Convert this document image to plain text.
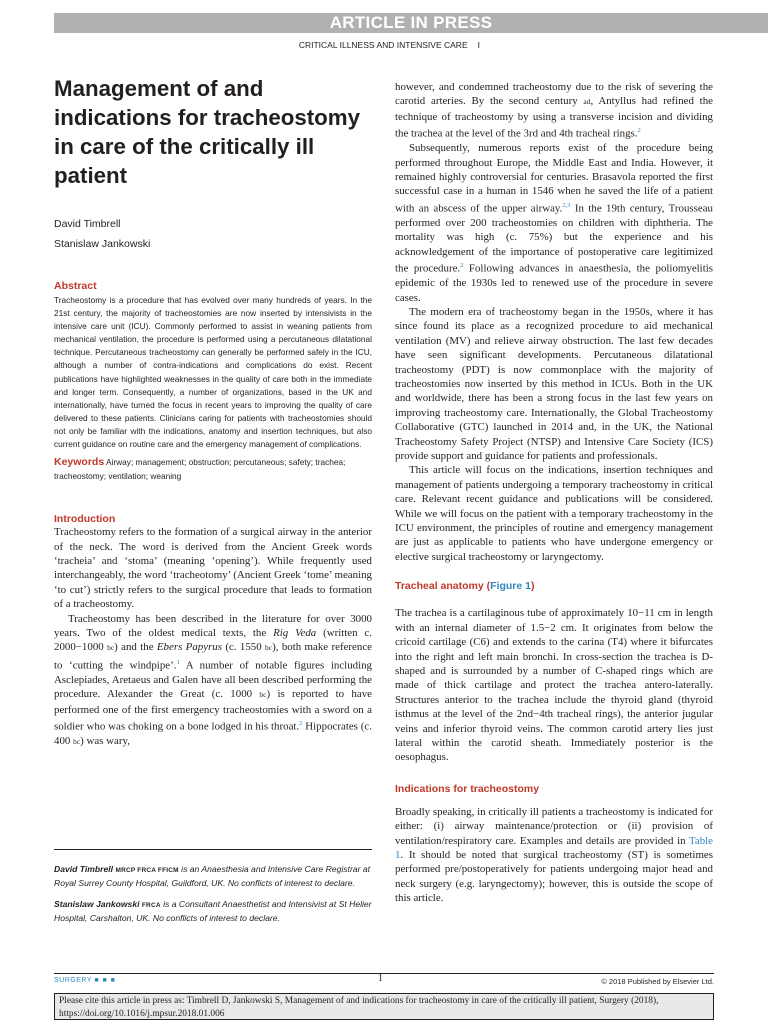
ARTICLE IN PRESS
CRITICAL ILLNESS AND INTENSIVE CARE I
Management of and indications for tracheostomy in care of the critically ill patient
David Timbrell
Stanislaw Jankowski
Abstract

Tracheostomy is a procedure that has evolved over many hundreds of years. In the 21st century, the majority of tracheostomies are now inserted by intensivists in the intensive care unit (ICU). Commonly performed to assist in weaning patients from mechanical ventilation, the procedure is performed using a percutaneous dilatational technique. Percutaneous tracheostomy can generally be performed safely in the ICU, although a number of contra-indications and complications do exist. Recent publications have highlighted weaknesses in the quality of care both in the immediate and longer term. Consequently, a number of organizations, based in the UK and internationally, have turned the focus in recent years to improving the quality of care delivered to these patients. Clinicians caring for patients with tracheostomies should not only be familiar with the indications, anatomy and insertion techniques, but also current guidance on routine care and the emergency management of complications.

Keywords Airway; management; obstruction; percutaneous; safety; trachea; tracheostomy; ventilation; weaning
Introduction

Tracheostomy refers to the formation of a surgical airway in the anterior of the neck. The word is derived from the Ancient Greek words ‘tracheia’ and ‘stoma’ (meaning ‘opening’). While frequently used interchangeably, the word ‘tracheotomy’ (Ancient Greek ‘tome’ meaning ‘to cut’) strictly refers to the surgical procedure that leads to formation of a tracheostomy.

Tracheostomy has been described in the literature for over 3000 years. Two of the oldest medical texts, the Rig Veda (written c. 2000−1000 bc) and the Ebers Papyrus (c. 1550 bc), both make reference to ‘cutting the windpipe’.$^1$ A number of notable figures including Asclepiades, Aretaeus and Galen have all been described performing the procedure. Alexander the Great (c. 1000 bc) is reported to have performed one of the first emergency tracheostomies with a sword on a soldier who was choking on a bone lodged in his throat.$^2$ Hippocrates (c. 400 bc) was wary,

however, and condemned tracheostomy due to the risk of severing the carotid arteries. By the second century ad, Antyllus had refined the technique of tracheostomy by using a transverse incision and dividing the trachea at the level of the 3rd and 4th tracheal rings.$^2$

Subsequently, numerous reports exist of the procedure being performed throughout Europe, the Middle East and India. However, it remained highly controversial for centuries. Brasavola reported the first successful case in a human in 1546 when he saved the life of a patient with an abscess of the upper airway.$^{2,3}$ In the 19th century, Trousseau performed over 200 tracheostomies on children with diphtheria. The mortality was high (c. 75%) but the experience and his acknowledgement of the importance of postoperative care legitimized the procedure.$^2$ Following advances in anaesthesia, the poliomyelitis epidemic of the 1930s led to renewed use of the procedure in severe cases.

The modern era of tracheostomy began in the 1950s, where it has since found its place as a recognized procedure to aid mechanical ventilation (MV) and relieve airway obstruction. The last few decades have seen significant developments. Percutaneous dilatational tracheostomy (PDT) is now commonplace with the majority of tracheostomies now inserted by this method in ICUs. Both in the UK and worldwide, there has been a strong focus in the last few years on improving tracheostomy care. Internationally, the Global Tracheostomy Collaborative (GTC) launched in 2014 and, in the UK, the National Tracheostomy Safety Project (NTSP) and Intensive Care Society (ICS) provide support and guidance for patients and professionals.

This article will focus on the indications, insertion techniques and management of patients undergoing a temporary tracheostomy in critical care. Relevant recent guidance and publications will be considered. While we will focus on the patient with a temporary tracheostomy in the ICU environment, the principles of routine and emergency management are just as applicable to patients who have undergone emergency or elective surgical tracheostomy or laryngectomy.

Tracheal anatomy (Figure 1)

The trachea is a cartilaginous tube of approximately 10−11 cm in length with an internal diameter of 1.5−2 cm. It originates from below the cricoid cartilage (C6) and extends to the carina (T4) where it bifurcates into the right and left main bronchi. In cross-section the trachea is D-shaped and is surrounded by a number of C-shaped rings which are made of thick cartilage and protect the trachea antero-laterally. Structures anterior to the trachea include the thyroid gland (thyroid isthmus at the level of the 2nd−4th tracheal rings), the anterior jugular veins and inferior thyroid veins. The common carotid artery lies just lateral within the carotid sheath. Immediately posterior is the oesophagus.

Indications for tracheostomy

Broadly speaking, in critically ill patients a tracheostomy is indicated for either: (i) airway maintenance/protection or (ii) provision of ventilation/respiratory care. Examples and details are provided in Table 1. It should be noted that surgical tracheostomy (ST) is sometimes performed pre/postoperatively for patients undergoing major head and neck surgery (e.g. laryngectomy); however, this is outside the scope of this article.

David Timbrell MRCP FRCA FFICM is an Anaesthesia and Intensive Care Registrar at Royal Surrey County Hospital, Guildford, UK. No conflicts of interest to declare.

Stanislaw Jankowski FRCA is a Consultant Anaesthetist and Intensivist at St Helier Hospital, Carshalton, UK. No conflicts of interest to declare.

SURGERY ■ ■ ■	1	© 2018 Published by Elsevier Ltd.
Please cite this article in press as: Timbrell D, Jankowski S, Management of and indications for tracheostomy in care of the critically ill patient, Surgery (2018), https://doi.org/10.1016/j.mpsur.2018.01.006
